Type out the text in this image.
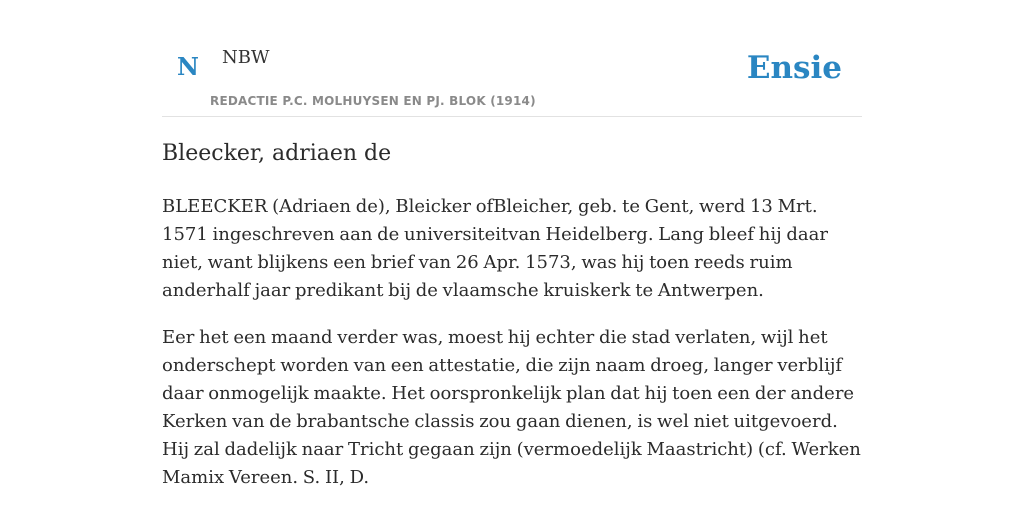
N NBW	Ensie
REDACTIE P.C. MOLHUYSEN EN PJ. BLOK (1914)
Bleecker, adriaen de

BLEECKER (Adriaen de), Bleicker ofBleicher, geb. te Gent, werd 13 Mrt. 1571 ingeschreven aan de universiteitvan Heidelberg. Lang bleef hij daar niet, want blijkens een brief van 26 Apr. 1573, was hij toen reeds ruim anderhalf jaar predikant bij de vlaamsche kruiskerk te Antwerpen.

Eer het een maand verder was, moest hij echter die stad verlaten, wijl het onderschept worden van een attestatie, die zijn naam droeg, langer verblijf daar onmogelijk maakte. Het oorspronkelijk plan dat hij toen een der andere Kerken van de brabantsche classis zou gaan dienen, is wel niet uitgevoerd. Hij zal dadelijk naar Tricht gegaan zijn (vermoedelijk Maastricht) (cf. Werken Mamix Vereen. S. II, D.
